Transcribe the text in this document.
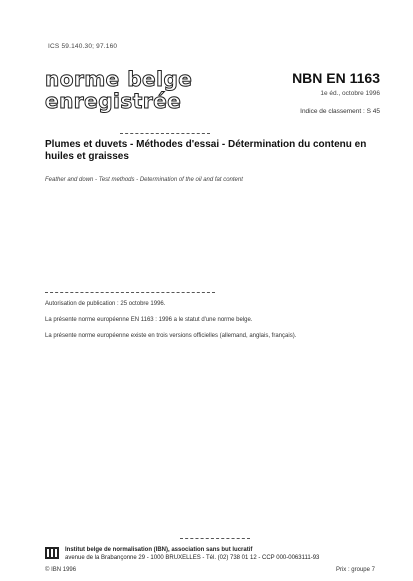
ICS 59.140.30; 97.160
norme belge
enregistrée
NBN EN 1163
1e éd., octobre 1996
Indice de classement : S 45
Plumes et duvets - Méthodes d'essai - Détermination du contenu en huiles et graisses
Feather and down - Test methods - Determination of the oil and fat content
Autorisation de publication : 25 octobre 1996.
La présente norme européenne EN 1163 : 1996 a le statut d'une norme belge.
La présente norme européenne existe en trois versions officielles (allemand, anglais, français).
Institut belge de normalisation (IBN), association sans but lucratif
avenue de la Brabançonne 29 - 1000 BRUXELLES - Tél. (02) 738 01 12 - CCP 000-0063111-93
© IBN 1996	Prix : groupe 7
